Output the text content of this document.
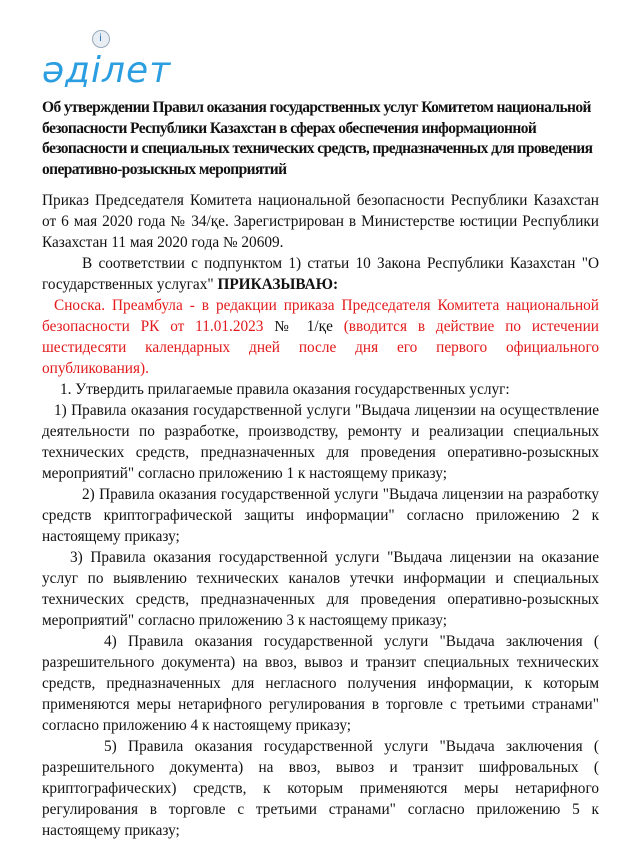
i
әділет
Об утверждении Правил оказания государственных услуг Комитетом национальной безопасности Республики Казахстан в сферах обеспечения информационной безопасности и специальных технических средств, предназначенных для проведения оперативно-розыскных мероприятий

Приказ Председателя Комитета национальной безопасности Республики Казахстан от 6 мая 2020 года № 34/қе. Зарегистрирован в Министерстве юстиции Республики Казахстан 11 мая 2020 года № 20609.

В соответствии с подпунктом 1) статьи 10 Закона Республики Казахстан "О государственных услугах" ПРИКАЗЫВАЮ:

Сноска. Преамбула - в редакции приказа Председателя Комитета национальной безопасности РК от 11.01.2023 № 1/қе (вводится в действие по истечении шестидесяти календарных дней после дня его первого официального опубликования).

1. Утвердить прилагаемые правила оказания государственных услуг:

1) Правила оказания государственной услуги "Выдача лицензии на осуществление деятельности по разработке, производству, ремонту и реализации специальных технических средств, предназначенных для проведения оперативно-розыскных мероприятий" согласно приложению 1 к настоящему приказу;

2) Правила оказания государственной услуги "Выдача лицензии на разработку средств криптографической защиты информации" согласно приложению 2 к настоящему приказу;

3) Правила оказания государственной услуги "Выдача лицензии на оказание услуг по выявлению технических каналов утечки информации и специальных технических средств, предназначенных для проведения оперативно-розыскных мероприятий" согласно приложению 3 к настоящему приказу;

4) Правила оказания государственной услуги "Выдача заключения ( разрешительного документа) на ввоз, вывоз и транзит специальных технических средств, предназначенных для негласного получения информации, к которым применяются меры нетарифного регулирования в торговле с третьими странами" согласно приложению 4 к настоящему приказу;

5) Правила оказания государственной услуги "Выдача заключения ( разрешительного документа) на ввоз, вывоз и транзит шифровальных ( криптографических) средств, к которым применяются меры нетарифного регулирования в торговле с третьими странами" согласно приложению 5 к настоящему приказу;
